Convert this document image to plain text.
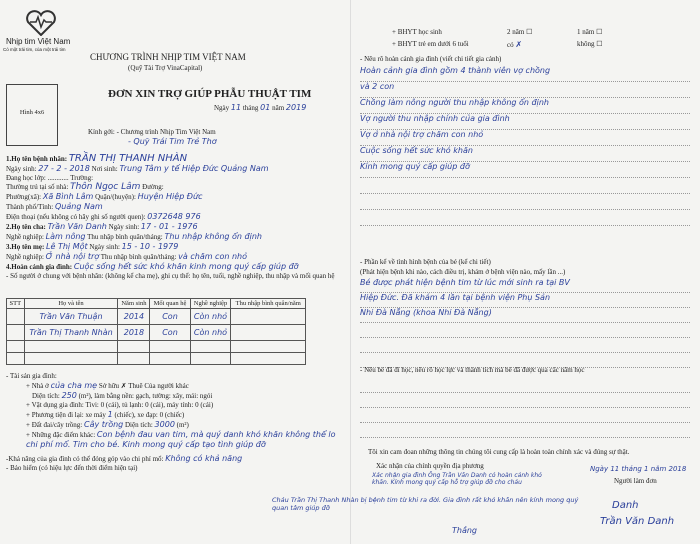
Nhịp tim Việt Nam
Có một trái tim, của một trái tim
CHƯƠNG TRÌNH NHỊP TIM VIỆT NAM
(Quỹ Tài Trợ VinaCapital)
ĐƠN XIN TRỢ GIÚP PHẪU THUẬT TIM
Hình 4x6
Ngày 11 tháng 01 năm 2019
Kính gởi: - Chương trình Nhịp Tim Việt Nam
- Quỹ Trái Tim Trẻ Thơ
1.Họ tên bệnh nhân: TRẦN THỊ THANH NHÀN
Ngày sinh: 27 - 2 - 2018 Nơi sinh: Trung Tâm y tế Hiệp Đức Quảng Nam
Đang học lớp: ............ Trường:
Thường trú tại số nhà: Thôn Ngọc Lâm Đường:
Phường(xã): Xã Bình Lâm Quận/(huyện): Huyện Hiệp Đức
Thành phố/Tỉnh: Quảng Nam
Điện thoại (nếu không có hãy ghi số người quen): 0372648 976
2.Họ tên cha: Trần Văn Danh Ngày sinh: 17 - 01 - 1976
Nghề nghiệp: Làm nông Thu nhập bình quân/tháng: Thu nhập không ổn định
3.Họ tên mẹ: Lê Thị Một Ngày sinh: 15 - 10 - 1979
Nghề nghiệp: Ở nhà nội trợ Thu nhập bình quân/tháng: và chăm con nhỏ
4.Hoàn cảnh gia đình: Cuộc sống hết sức khó khăn kinh mong quý cấp giúp đỡ
- Số người ở chung với bệnh nhân: (không kể cha mẹ), ghi cụ thể: họ tên, tuổi, nghề nghiệp, thu nhập và mối quan hệ
STT	Họ và tên	Năm sinh	Mối quan hệ	Nghề nghiệp	Thu nhập bình quân/năm
	Trần Văn Thuận	2014	Con	Còn nhỏ	
	Trần Thị Thanh Nhàn	2018	Con	Còn nhỏ	

- Tài sản gia đình:
+ Nhà ở của cha mẹ Sở hữu ✗ Thuê Của người khác
Diện tích: 250 (m²), làm bằng nền: gạch, tường: xây, mái: ngói
+ Vật dụng gia đình: Tivi: 0 (cái), tủ lạnh: 0 (cái), máy tính: 0 (cái)
+ Phương tiện đi lại: xe máy 1 (chiếc), xe đạp: 0 (chiếc)
+ Đất đai/cây trồng: Cây trồng Diện tích: 3000 (m²)
+ Những đặc điểm khác: Con bệnh đau van tim, mà quý danh khó khăn không thể lo chi phí mổ. Tim cho bé. Kinh mong quý cấp tạo tình giúp đỡ
-Khả năng của gia đình có thể đóng góp vào chi phí mổ: Không có khả năng
- Bảo hiểm (có hiệu lực đến thời điểm hiện tại)
+ BHYT học sinh
+ BHYT trẻ em dưới 6 tuổi
2 năm ☐	1 năm ☐
có ✗	không ☐
- Nêu rõ hoàn cảnh gia đình (viết chi tiết gia cảnh)
Hoàn cảnh gia đình gồm 4 thành viên vợ chồng
và 2 con
Chồng làm nông người thu nhập không ổn định
Vợ người thu nhập chính của gia đình
Vợ ở nhà nội trợ chăm con nhỏ
Cuộc sống hết sức khó khăn
Kính mong quý cấp giúp đỡ
- Phần kể về tình hình bệnh của bé (kể chi tiết)
(Phát hiện bệnh khi nào, cách điều trị, khám ở bệnh viện nào, mấy lần ...)
Bé được phát hiện bệnh tim từ lúc mới sinh ra tại BV
Hiệp Đức. Đã khám 4 lần tại bệnh viện Phụ Sản
Nhi Đà Nẵng (khoa Nhi Đà Nẵng)
- Nêu bé đã đi học, nêu rõ học lực và thành tích mà bé đã được qua các năm học
Tôi xin cam đoan những thông tin chúng tôi cung cấp là hoàn toàn chính xác và đúng sự thật.
Xác nhận của chính quyền địa phương
Xác nhận gia đình Ông Trần Văn Danh có hoàn cảnh khó khăn. Kính mong quý cấp hỗ trợ giúp đỡ cho cháu
Cháu Trần Thị Thanh Nhàn bị bệnh tim từ khi ra đời. Gia đình rất khó khăn nên kính mong quý quan tâm giúp đỡ
Thắng
Ngày 11 tháng 1 năm 2018
Người làm đơn
Danh
Trần Văn Danh
